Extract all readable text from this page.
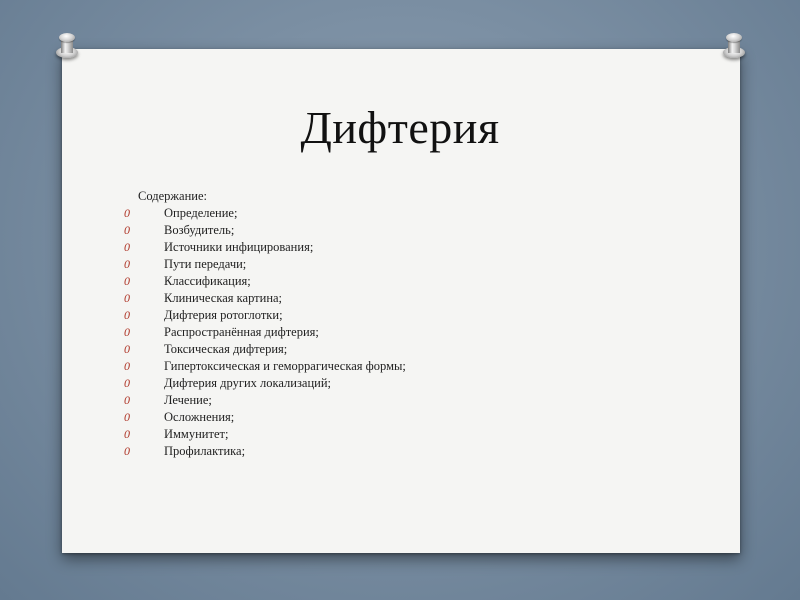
Дифтерия
Содержание:
0	Определение;
0	Возбудитель;
0	Источники инфицирования;
0	Пути передачи;
0	Классификация;
0	Клиническая картина;
0	Дифтерия ротоглотки;
0	Распространённая дифтерия;
0	Токсическая дифтерия;
0	Гипертоксическая и геморрагическая формы;
0	Дифтерия других локализаций;
0	Лечение;
0	Осложнения;
0	Иммунитет;
0	Профилактика;
